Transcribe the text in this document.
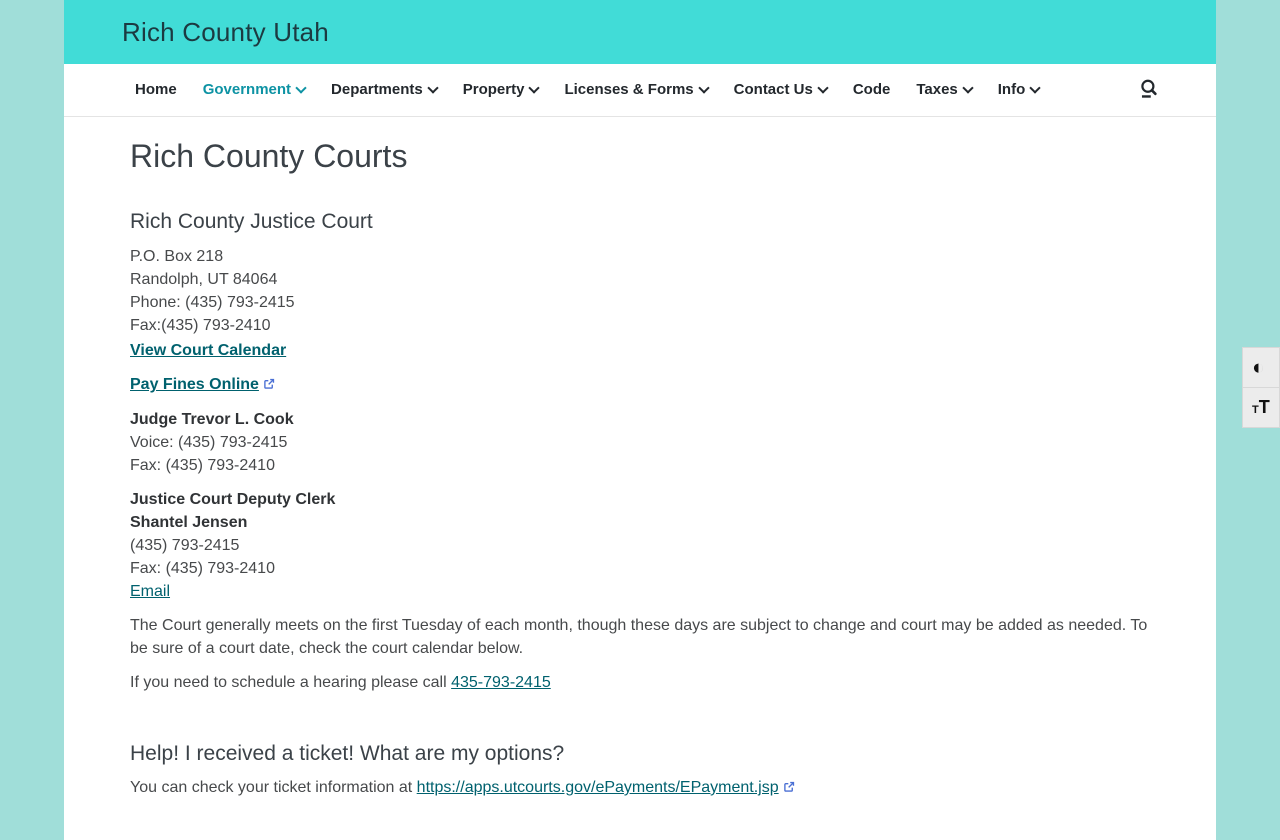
Rich County Utah
Home Government	Departments	Property	Licenses & Forms	Contact Us	Code Taxes	Info
Rich County Courts
Rich County Justice Court

P.O. Box 218

Randolph, UT 84064

Phone: (435) 793-2415

Fax:(435) 793-2410

View Court Calendar

Pay Fines Online

Judge Trevor L. Cook

Voice: (435) 793-2415

Fax: (435) 793-2410

Justice Court Deputy Clerk

Shantel Jensen

(435) 793-2415

Fax: (435) 793-2410

Email

The Court generally meets on the first Tuesday of each month, though these days are subject to change and court may be added as needed. To be sure of a court date, check the court calendar below.

If you need to schedule a hearing please call 435-793-2415

Help! I received a ticket! What are my options?

You can check your ticket information at https://apps.utcourts.gov/ePayments/EPayment.jsp

◐
T T
